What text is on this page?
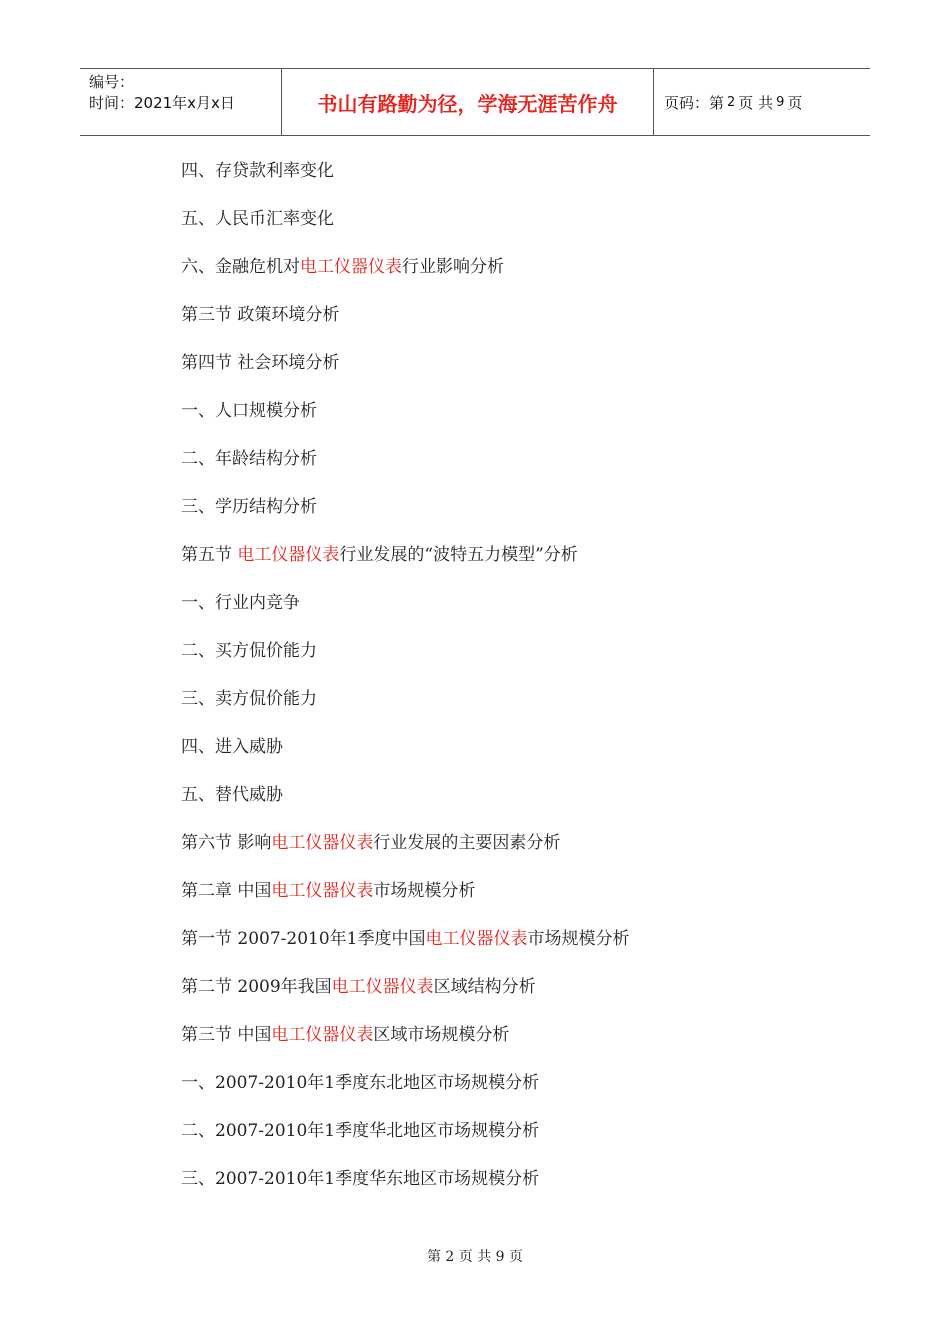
编号：
时间：2021年x月x日	书山有路勤为径，学海无涯苦作舟	页码：第 2 页 共 9 页
四、存贷款利率变化
五、人民币汇率变化
六、金融危机对电工仪器仪表行业影响分析
第三节 政策环境分析
第四节 社会环境分析
一、人口规模分析
二、年龄结构分析
三、学历结构分析
第五节 电工仪器仪表行业发展的“波特五力模型”分析
一、行业内竞争
二、买方侃价能力
三、卖方侃价能力
四、进入威胁
五、替代威胁
第六节 影响电工仪器仪表行业发展的主要因素分析
第二章 中国电工仪器仪表市场规模分析
第一节 2007-2010年1季度中国电工仪器仪表市场规模分析
第二节 2009年我国电工仪器仪表区域结构分析
第三节 中国电工仪器仪表区域市场规模分析
一、2007-2010年1季度东北地区市场规模分析
二、2007-2010年1季度华北地区市场规模分析
三、2007-2010年1季度华东地区市场规模分析
第 2 页 共 9 页
